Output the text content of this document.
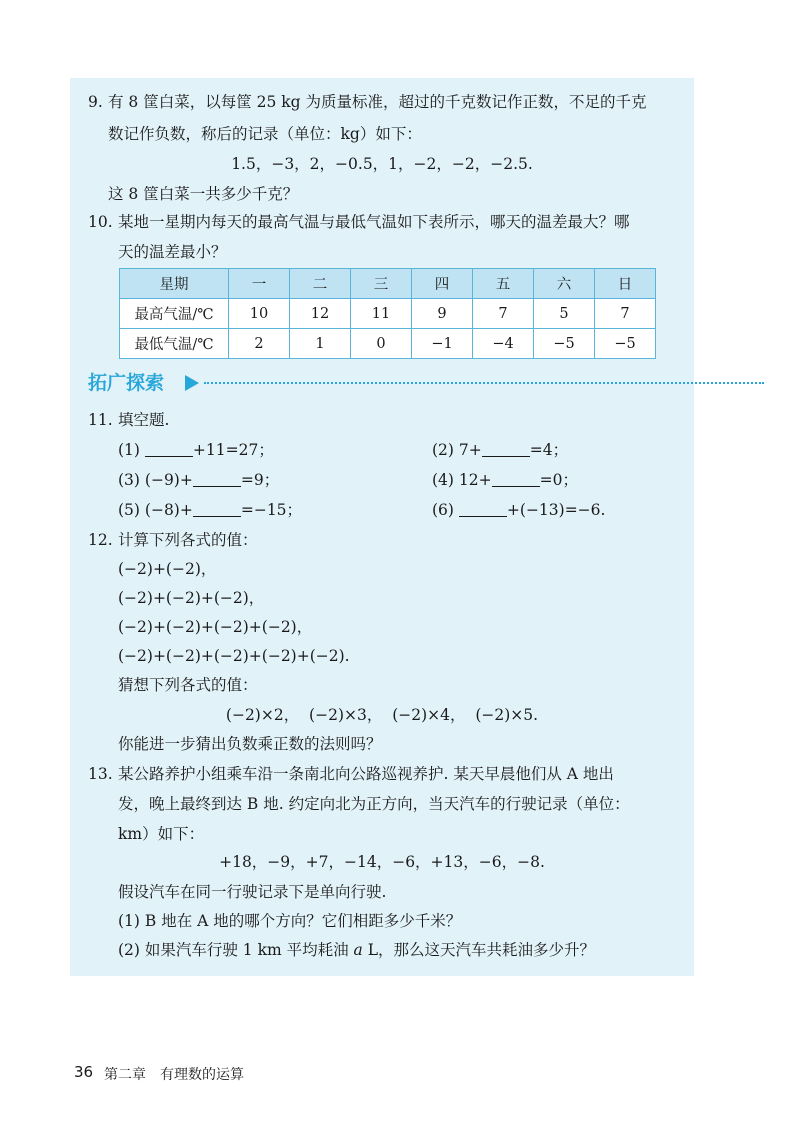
9. 有 8 筐白菜，以每筐 25 kg 为质量标准，超过的千克数记作正数，不足的千克
数记作负数，称后的记录（单位：kg）如下：
1.5，−3，2，−0.5，1，−2，−2，−2.5.
这 8 筐白菜一共多少千克？
10. 某地一星期内每天的最高气温与最低气温如下表所示，哪天的温差最大？哪
天的温差最小？
星期	一	二	三	四	五	六	日
最高气温/℃	10	12	11	9	7	5	7
最低气温/℃	2	1	0	−1	−4	−5	−5
拓广探索
11. 填空题.
(1)	+11=27；	(2) 7+	=4；
(3) (−9)+	=9；	(4) 12+	=0；
(5) (−8)+	=−15；	(6)	+(−13)=−6.
12. 计算下列各式的值：
(−2)+(−2)，
(−2)+(−2)+(−2)，
(−2)+(−2)+(−2)+(−2)，
(−2)+(−2)+(−2)+(−2)+(−2).
猜想下列各式的值：
(−2)×2，  (−2)×3，  (−2)×4，  (−2)×5.
你能进一步猜出负数乘正数的法则吗？
13. 某公路养护小组乘车沿一条南北向公路巡视养护. 某天早晨他们从 A 地出
发，晚上最终到达 B 地. 约定向北为正方向，当天汽车的行驶记录（单位：
km）如下：
+18，−9，+7，−14，−6，+13，−6，−8.
假设汽车在同一行驶记录下是单向行驶.
(1) B 地在 A 地的哪个方向？它们相距多少千米？
(2) 如果汽车行驶 1 km 平均耗油 a L，那么这天汽车共耗油多少升？
36 第二章　有理数的运算
